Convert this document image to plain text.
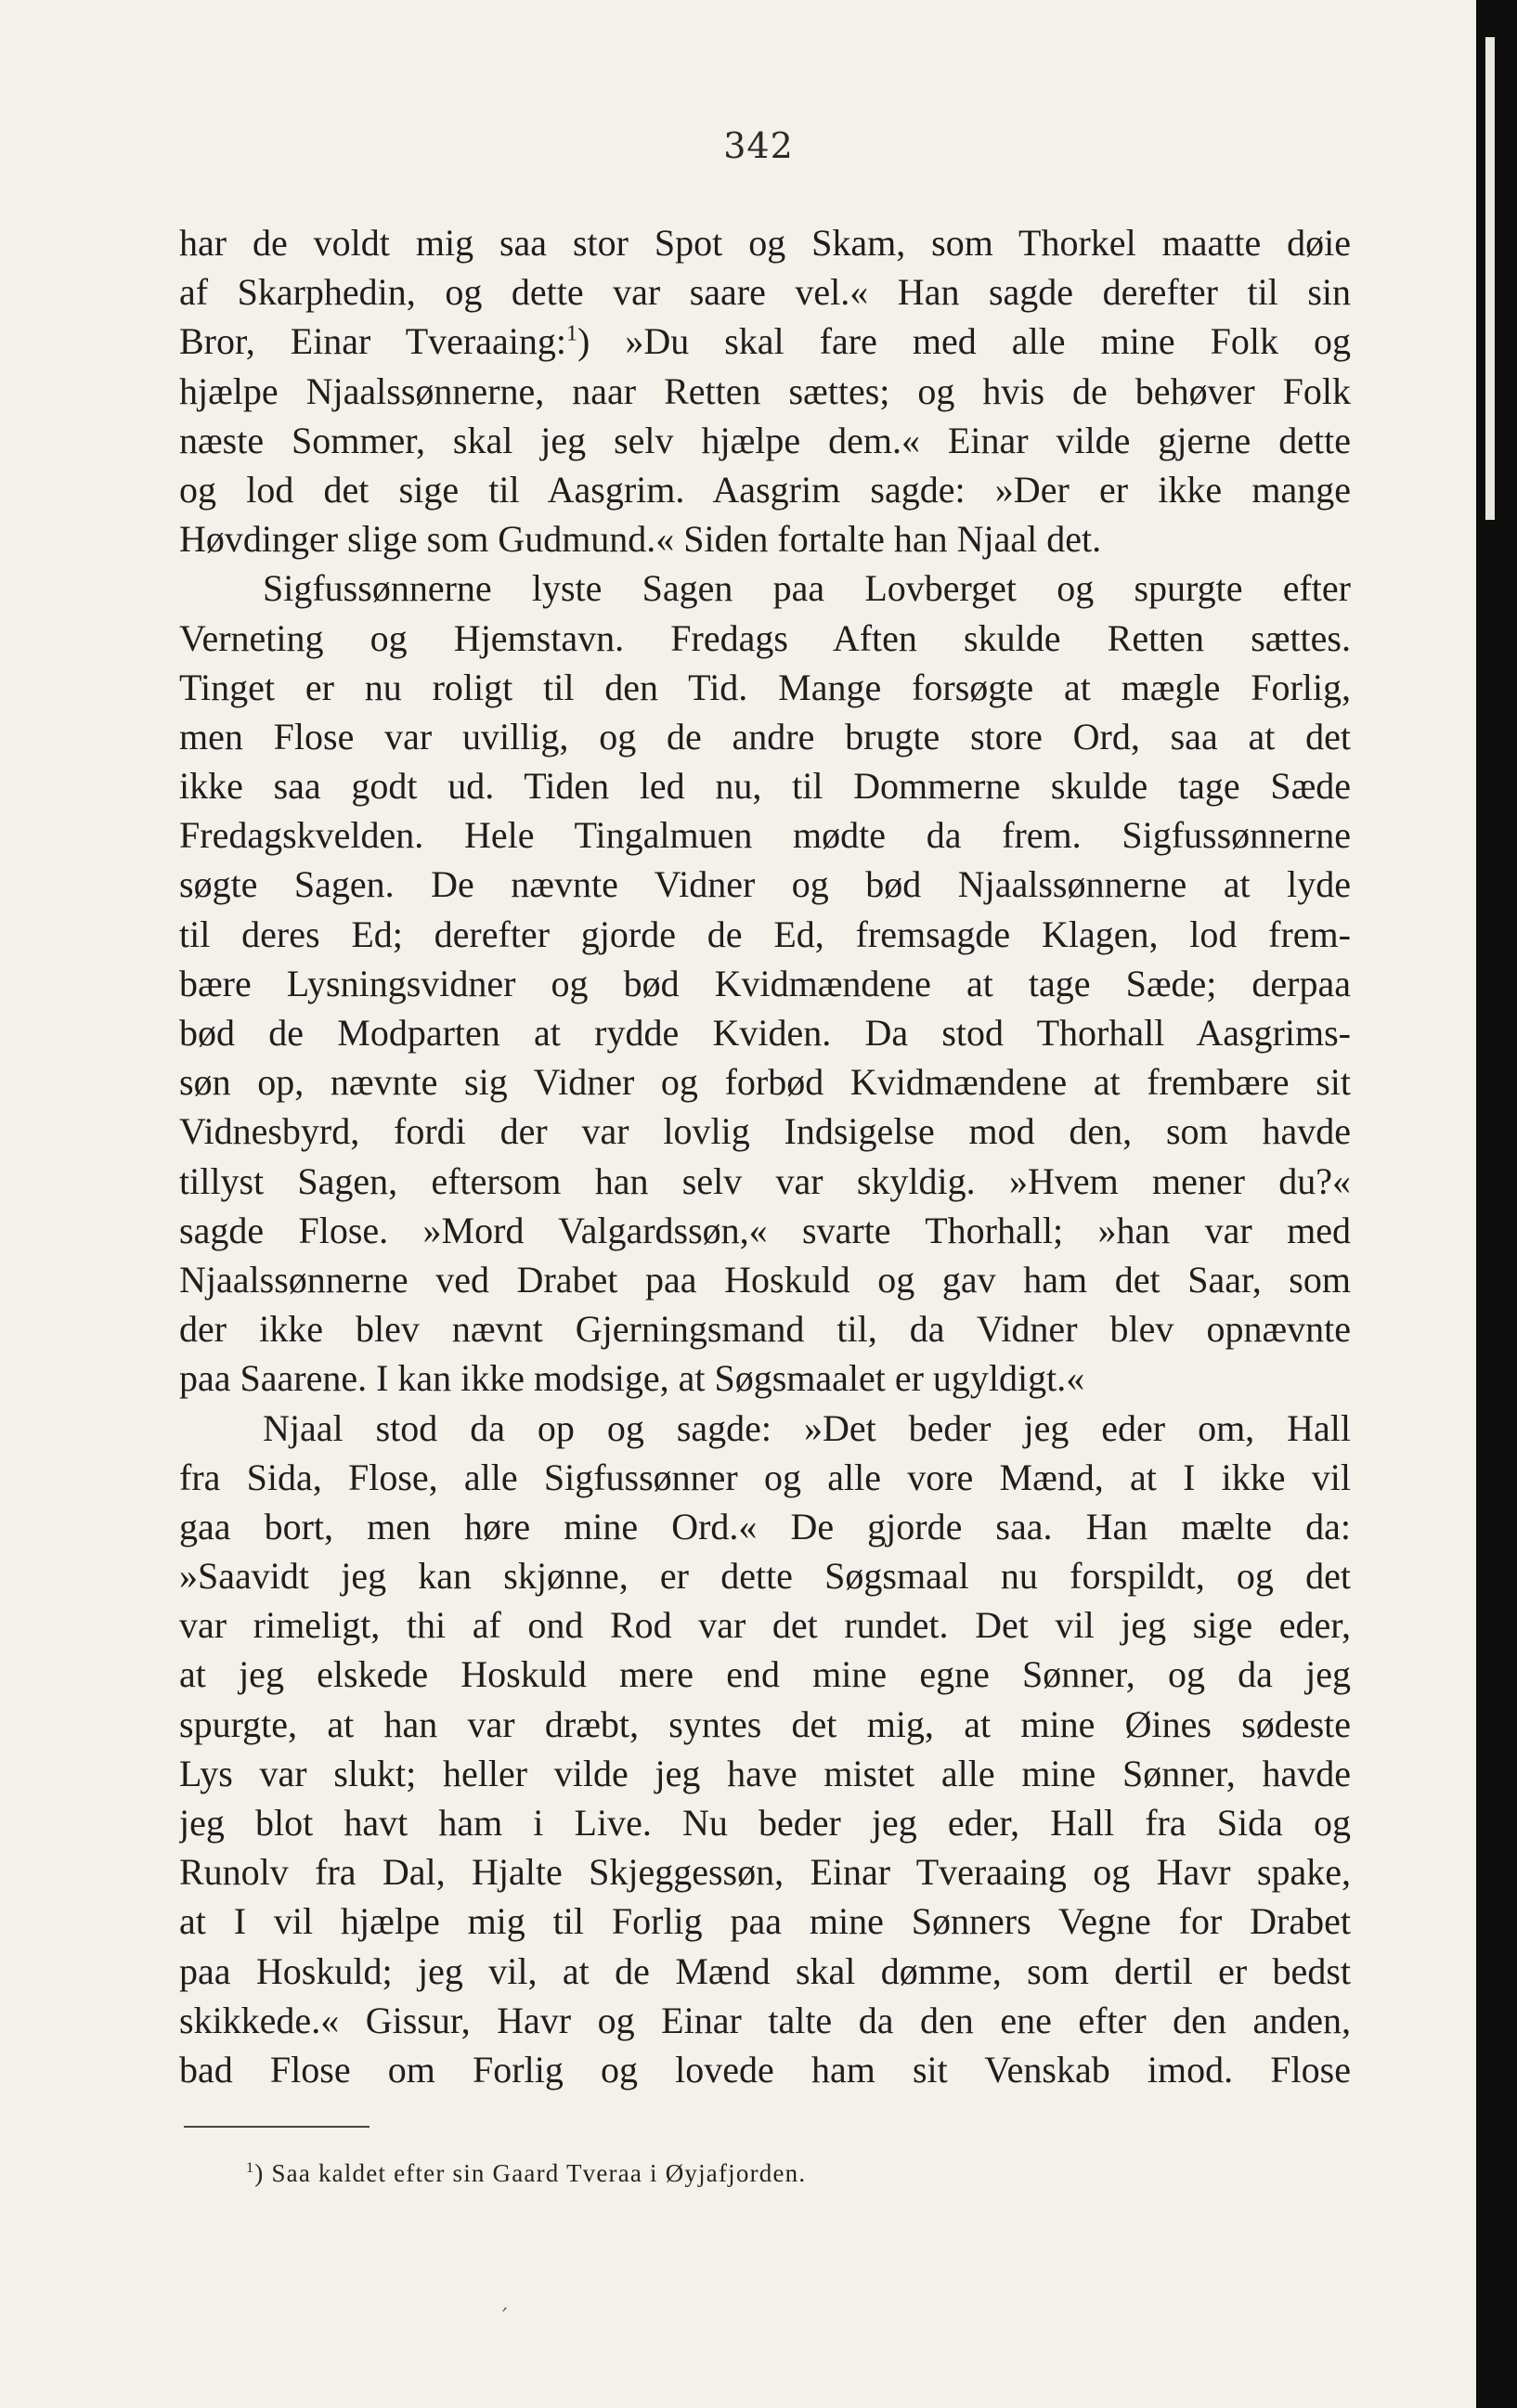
342
har de voldt mig saa stor Spot og Skam, som Thorkel maatte døie
af Skarphedin, og dette var saare vel.« Han sagde derefter til sin
Bror, Einar Tveraaing:$^1$) »Du skal fare med alle mine Folk og
hjælpe Njaalssønnerne, naar Retten sættes; og hvis de behøver Folk
næste Sommer, skal jeg selv hjælpe dem.« Einar vilde gjerne dette
og lod det sige til Aasgrim. Aasgrim sagde: »Der er ikke mange
Høvdinger slige som Gudmund.« Siden fortalte han Njaal det.
Sigfussønnerne lyste Sagen paa Lovberget og spurgte efter
Verneting og Hjemstavn. Fredags Aften skulde Retten sættes.
Tinget er nu roligt til den Tid. Mange forsøgte at mægle Forlig,
men Flose var uvillig, og de andre brugte store Ord, saa at det
ikke saa godt ud. Tiden led nu, til Dommerne skulde tage Sæde
Fredagskvelden. Hele Tingalmuen mødte da frem. Sigfussønnerne
søgte Sagen. De nævnte Vidner og bød Njaalssønnerne at lyde
til deres Ed; derefter gjorde de Ed, fremsagde Klagen, lod frem-
bære Lysningsvidner og bød Kvidmændene at tage Sæde; derpaa
bød de Modparten at rydde Kviden. Da stod Thorhall Aasgrims-
søn op, nævnte sig Vidner og forbød Kvidmændene at frembære sit
Vidnesbyrd, fordi der var lovlig Indsigelse mod den, som havde
tillyst Sagen, eftersom han selv var skyldig. »Hvem mener du?«
sagde Flose. »Mord Valgardssøn,« svarte Thorhall; »han var med
Njaalssønnerne ved Drabet paa Hoskuld og gav ham det Saar, som
der ikke blev nævnt Gjerningsmand til, da Vidner blev opnævnte
paa Saarene. I kan ikke modsige, at Søgsmaalet er ugyldigt.«
Njaal stod da op og sagde: »Det beder jeg eder om, Hall
fra Sida, Flose, alle Sigfussønner og alle vore Mænd, at I ikke vil
gaa bort, men høre mine Ord.« De gjorde saa. Han mælte da:
»Saavidt jeg kan skjønne, er dette Søgsmaal nu forspildt, og det
var rimeligt, thi af ond Rod var det rundet. Det vil jeg sige eder,
at jeg elskede Hoskuld mere end mine egne Sønner, og da jeg
spurgte, at han var dræbt, syntes det mig, at mine Øines sødeste
Lys var slukt; heller vilde jeg have mistet alle mine Sønner, havde
jeg blot havt ham i Live. Nu beder jeg eder, Hall fra Sida og
Runolv fra Dal, Hjalte Skjeggessøn, Einar Tveraaing og Havr spake,
at I vil hjælpe mig til Forlig paa mine Sønners Vegne for Drabet
paa Hoskuld; jeg vil, at de Mænd skal dømme, som dertil er bedst
skikkede.« Gissur, Havr og Einar talte da den ene efter den anden,
bad Flose om Forlig og lovede ham sit Venskab imod. Flose
$^1$) Saa kaldet efter sin Gaard Tveraa i Øyjafjorden.
´
